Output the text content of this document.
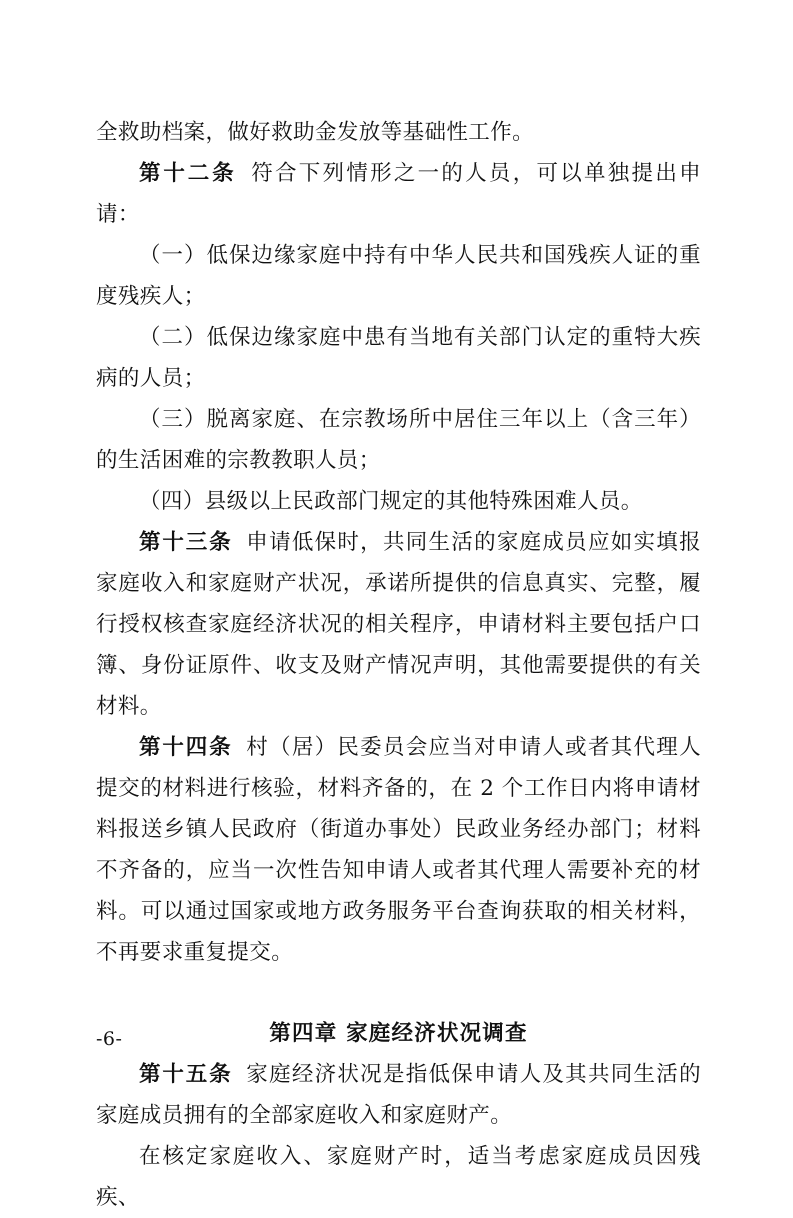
全救助档案，做好救助金发放等基础性工作。

第十二条 符合下列情形之一的人员，可以单独提出申请：

（一）低保边缘家庭中持有中华人民共和国残疾人证的重度残疾人；

（二）低保边缘家庭中患有当地有关部门认定的重特大疾病的人员；

（三）脱离家庭、在宗教场所中居住三年以上（含三年）的生活困难的宗教教职人员；

（四）县级以上民政部门规定的其他特殊困难人员。

第十三条 申请低保时，共同生活的家庭成员应如实填报家庭收入和家庭财产状况，承诺所提供的信息真实、完整，履行授权核查家庭经济状况的相关程序，申请材料主要包括户口簿、身份证原件、收支及财产情况声明，其他需要提供的有关材料。

第十四条 村（居）民委员会应当对申请人或者其代理人提交的材料进行核验，材料齐备的，在 2 个工作日内将申请材料报送乡镇人民政府（街道办事处）民政业务经办部门；材料不齐备的，应当一次性告知申请人或者其代理人需要补充的材料。可以通过国家或地方政务服务平台查询获取的相关材料，不再要求重复提交。

第四章 家庭经济状况调查

第十五条 家庭经济状况是指低保申请人及其共同生活的家庭成员拥有的全部家庭收入和家庭财产。

在核定家庭收入、家庭财产时，适当考虑家庭成员因残疾、

-6-
